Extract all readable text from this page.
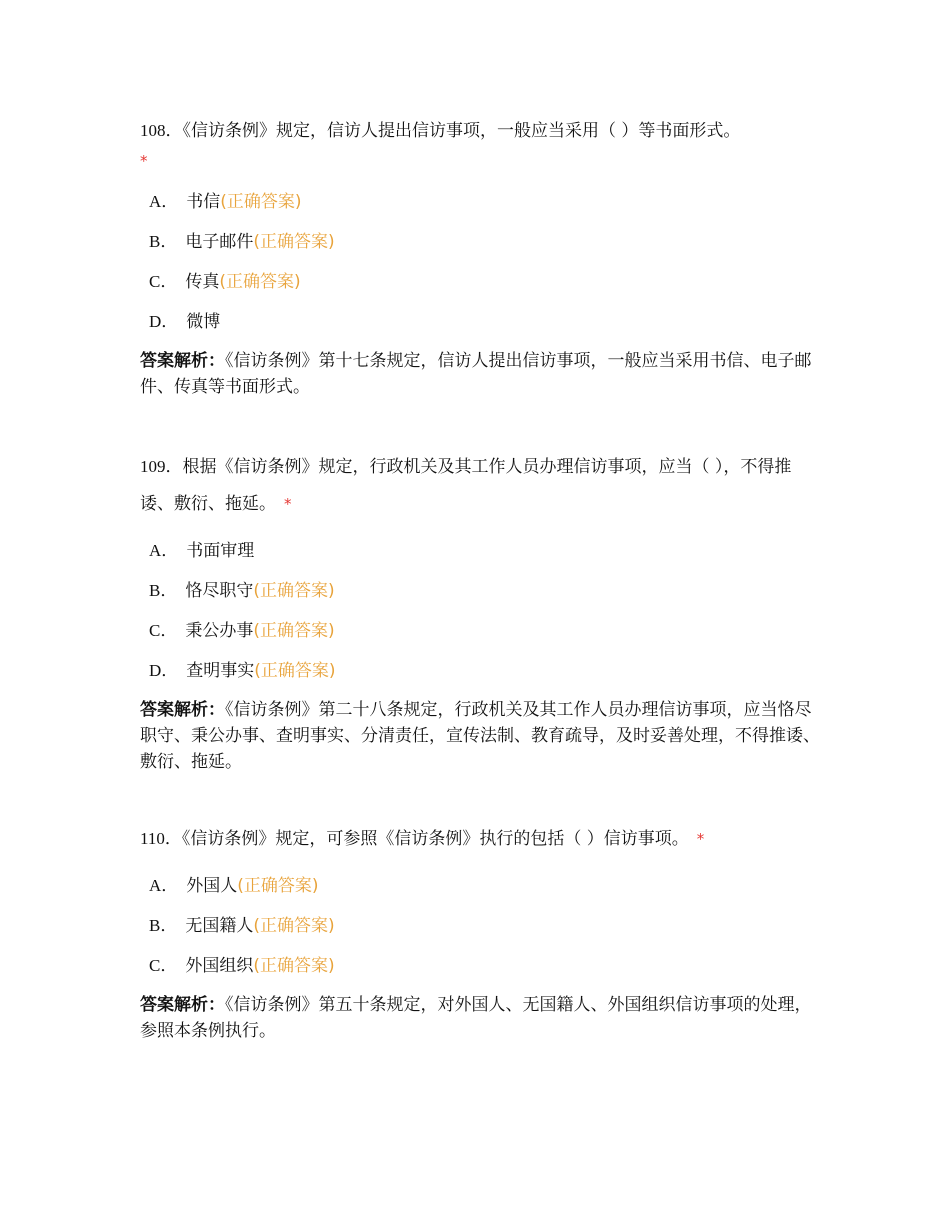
108．《信访条例》规定，信访人提出信访事项，一般应当采用（ ）等书面形式。
*

A． 书信(正确答案)
B． 电子邮件(正确答案)
C． 传真(正确答案)
D． 微博

答案解析：《信访条例》第十七条规定，信访人提出信访事项，一般应当采用书信、电子邮件、传真等书面形式。

109．根据《信访条例》规定，行政机关及其工作人员办理信访事项，应当（ ），不得推诿、敷衍、拖延。 *

A． 书面审理
B． 恪尽职守(正确答案)
C． 秉公办事(正确答案)
D． 查明事实(正确答案)

答案解析：《信访条例》第二十八条规定，行政机关及其工作人员办理信访事项，应当恪尽职守、秉公办事、查明事实、分清责任，宣传法制、教育疏导，及时妥善处理，不得推诿、敷衍、拖延。

110．《信访条例》规定，可参照《信访条例》执行的包括（ ）信访事项。 *

A． 外国人(正确答案)
B． 无国籍人(正确答案)
C． 外国组织(正确答案)

答案解析：《信访条例》第五十条规定，对外国人、无国籍人、外国组织信访事项的处理，参照本条例执行。
